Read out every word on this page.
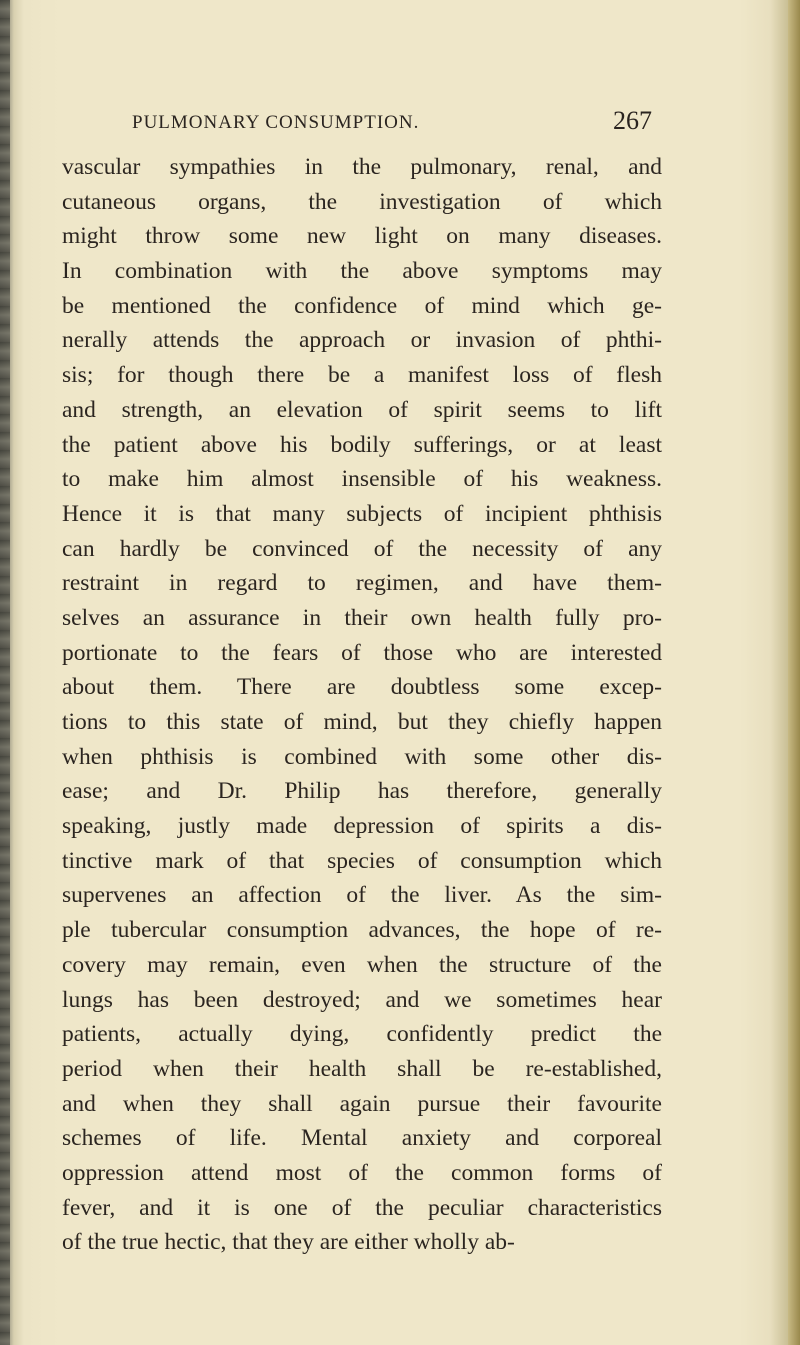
PULMONARY CONSUMPTION.	267
vascular sympathies in the pulmonary, renal, and
cutaneous organs, the investigation of which
might throw some new light on many diseases.
In combination with the above symptoms may
be mentioned the confidence of mind which ge-
nerally attends the approach or invasion of phthi-
sis; for though there be a manifest loss of flesh
and strength, an elevation of spirit seems to lift
the patient above his bodily sufferings, or at least
to make him almost insensible of his weakness.
Hence it is that many subjects of incipient phthisis
can hardly be convinced of the necessity of any
restraint in regard to regimen, and have them-
selves an assurance in their own health fully pro-
portionate to the fears of those who are interested
about them. There are doubtless some excep-
tions to this state of mind, but they chiefly happen
when phthisis is combined with some other dis-
ease; and Dr. Philip has therefore, generally
speaking, justly made depression of spirits a dis-
tinctive mark of that species of consumption which
supervenes an affection of the liver. As the sim-
ple tubercular consumption advances, the hope of re-
covery may remain, even when the structure of the
lungs has been destroyed; and we sometimes hear
patients, actually dying, confidently predict the
period when their health shall be re-established,
and when they shall again pursue their favourite
schemes of life. Mental anxiety and corporeal
oppression attend most of the common forms of
fever, and it is one of the peculiar characteristics
of the true hectic, that they are either wholly ab-
